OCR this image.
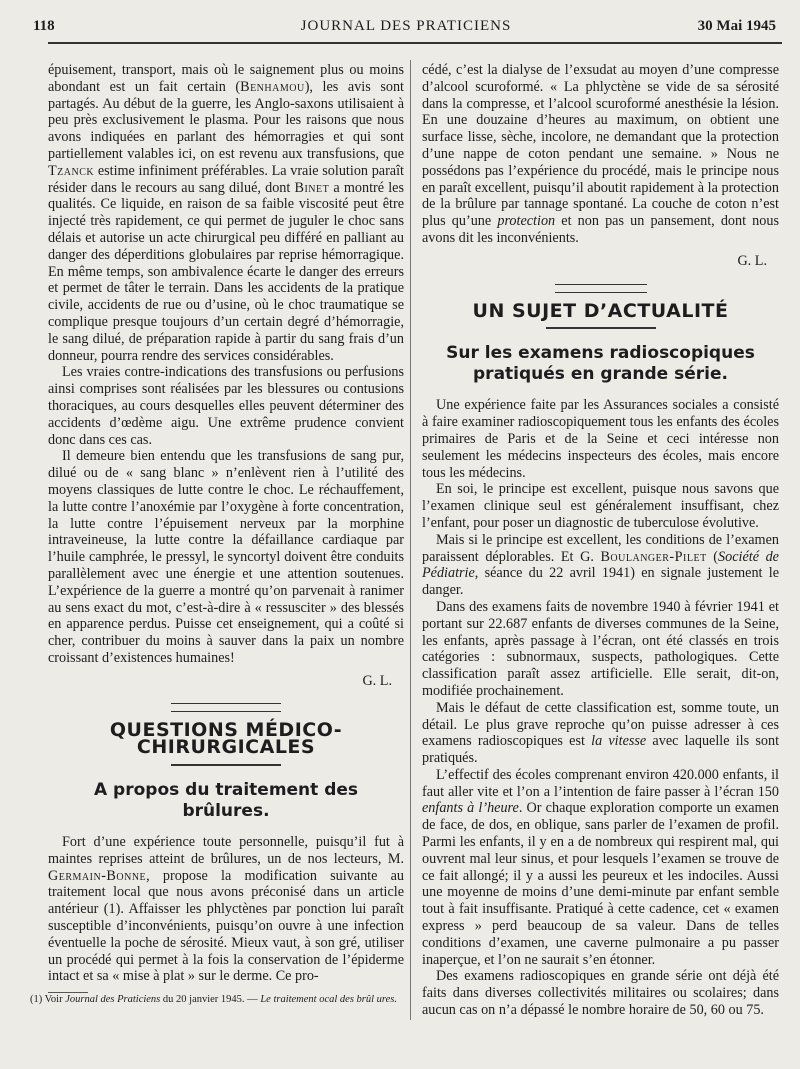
118	JOURNAL DES PRATICIENS	30 Mai 1945

épuisement, transport, mais où le saignement plus ou moins abondant est un fait certain (Benhamou), les avis sont partagés. Au début de la guerre, les Anglo-saxons utilisaient à peu près exclusivement le plasma. Pour les raisons que nous avons indiquées en parlant des hémorragies et qui sont partiellement valables ici, on est revenu aux transfusions, que Tzanck estime infiniment préférables. La vraie solution paraît résider dans le recours au sang dilué, dont Binet a montré les qualités. Ce liquide, en raison de sa faible viscosité peut être injecté très rapidement, ce qui permet de juguler le choc sans délais et autorise un acte chirurgical peu différé en palliant au danger des déperditions globulaires par reprise hémorragique. En même temps, son ambivalence écarte le danger des erreurs et permet de tâter le terrain. Dans les accidents de la pratique civile, accidents de rue ou d’usine, où le choc traumatique se complique presque toujours d’un certain degré d’hémorragie, le sang dilué, de préparation rapide à partir du sang frais d’un donneur, pourra rendre des services considérables.

Les vraies contre-indications des transfusions ou perfusions ainsi comprises sont réalisées par les blessures ou contusions thoraciques, au cours desquelles elles peuvent déterminer des accidents d’œdème aigu. Une extrême prudence convient donc dans ces cas.

Il demeure bien entendu que les transfusions de sang pur, dilué ou de « sang blanc » n’enlèvent rien à l’utilité des moyens classiques de lutte contre le choc. Le réchauffement, la lutte contre l’anoxémie par l’oxygène à forte concentration, la lutte contre l’épuisement nerveux par la morphine intraveineuse, la lutte contre la défaillance cardiaque par l’huile camphrée, le pressyl, le syncortyl doivent être conduits parallèlement avec une énergie et une attention soutenues. L’expérience de la guerre a montré qu’on parvenait à ranimer au sens exact du mot, c’est-à-dire à « ressusciter » des blessés en apparence perdus. Puisse cet enseignement, qui a coûté si cher, contribuer du moins à sauver dans la paix un nombre croissant d’existences humaines!

G. L.
QUESTIONS MÉDICO-CHIRURGICALES
A propos du traitement des brûlures.

Fort d’une expérience toute personnelle, puisqu’il fut à maintes reprises atteint de brûlures, un de nos lecteurs, M. Germain-Bonne, propose la modification suivante au traitement local que nous avons préconisé dans un article antérieur (1). Affaisser les phlyctènes par ponction lui paraît susceptible d’inconvénients, puisqu’on ouvre à une infection éventuelle la poche de sérosité. Mieux vaut, à son gré, utiliser un procédé qui permet à la fois la conservation de l’épiderme intact et sa « mise à plat » sur le derme. Ce pro-

(1) Voir Journal des Praticiens du 20 janvier 1945. — Le traitement ocal des brûl ures.

cédé, c’est la dialyse de l’exsudat au moyen d’une compresse d’alcool scuroformé. « La phlyctène se vide de sa sérosité dans la compresse, et l’alcool scuroformé anesthésie la lésion. En une douzaine d’heures au maximum, on obtient une surface lisse, sèche, incolore, ne demandant que la protection d’une nappe de coton pendant une semaine. » Nous ne possédons pas l’expérience du procédé, mais le principe nous en paraît excellent, puisqu’il aboutit rapidement à la protection de la brûlure par tannage spontané. La couche de coton n’est plus qu’une protection et non pas un pansement, dont nous avons dit les inconvénients.

G. L.
UN SUJET D’ACTUALITÉ
Sur les examens radioscopiques pratiqués en grande série.

Une expérience faite par les Assurances sociales a consisté à faire examiner radioscopiquement tous les enfants des écoles primaires de Paris et de la Seine et ceci intéresse non seulement les médecins inspecteurs des écoles, mais encore tous les médecins.

En soi, le principe est excellent, puisque nous savons que l’examen clinique seul est généralement insuffisant, chez l’enfant, pour poser un diagnostic de tuberculose évolutive.

Mais si le principe est excellent, les conditions de l’examen paraissent déplorables. Et G. Boulanger-Pilet (Société de Pédiatrie, séance du 22 avril 1941) en signale justement le danger.

Dans des examens faits de novembre 1940 à février 1941 et portant sur 22.687 enfants de diverses communes de la Seine, les enfants, après passage à l’écran, ont été classés en trois catégories : subnormaux, suspects, pathologiques. Cette classification paraît assez artificielle. Elle serait, dit-on, modifiée prochainement.

Mais le défaut de cette classification est, somme toute, un détail. Le plus grave reproche qu’on puisse adresser à ces examens radioscopiques est la vitesse avec laquelle ils sont pratiqués.

L’effectif des écoles comprenant environ 420.000 enfants, il faut aller vite et l’on a l’intention de faire passer à l’écran 150 enfants à l’heure. Or chaque exploration comporte un examen de face, de dos, en oblique, sans parler de l’examen de profil. Parmi les enfants, il y en a de nombreux qui respirent mal, qui ouvrent mal leur sinus, et pour lesquels l’examen se trouve de ce fait allongé; il y a aussi les peureux et les indociles. Aussi une moyenne de moins d’une demi-minute par enfant semble tout à fait insuffisante. Pratiqué à cette cadence, cet « examen express » perd beaucoup de sa valeur. Dans de telles conditions d’examen, une caverne pulmonaire a pu passer inaperçue, et l’on ne saurait s’en étonner.

Des examens radioscopiques en grande série ont déjà été faits dans diverses collectivités militaires ou scolaires; dans aucun cas on n’a dépassé le nombre horaire de 50, 60 ou 75.
